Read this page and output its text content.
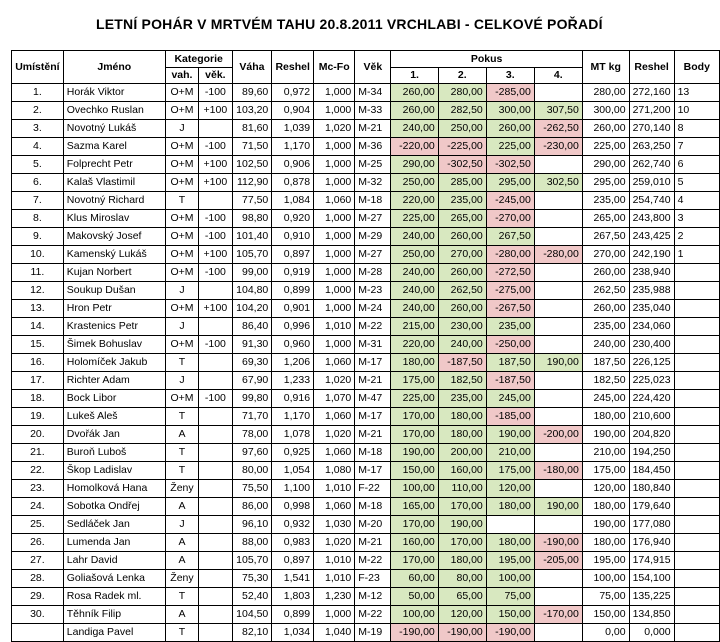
LETNÍ POHÁR V MRTVÉM TAHU 20.8.2011 VRCHLABI - CELKOVÉ POŘADÍ
Umístění	Jméno	Kategorie		Váha	Reshel	Mc-Fo	Věk	Pokus				MT kg	Reshel	Body
		vah.	věk.					1.	2.	3.	4.			
1.	Horák Viktor	O+M	-100	89,60	0,972	1,000	M-34	260,00	280,00	-285,00		280,00	272,160	13
2.	Ovechko Ruslan	O+M	+100	103,20	0,904	1,000	M-33	260,00	282,50	300,00	307,50	300,00	271,200	10
3.	Novotný Lukáš	J		81,60	1,039	1,020	M-21	240,00	250,00	260,00	-262,50	260,00	270,140	8
4.	Sazma Karel	O+M	-100	71,50	1,170	1,000	M-36	-220,00	-225,00	225,00	-230,00	225,00	263,250	7
5.	Folprecht Petr	O+M	+100	102,50	0,906	1,000	M-25	290,00	-302,50	-302,50		290,00	262,740	6
6.	Kalaš Vlastimil	O+M	+100	112,90	0,878	1,000	M-32	250,00	285,00	295,00	302,50	295,00	259,010	5
7.	Novotný Richard	T		77,50	1,084	1,060	M-18	220,00	235,00	-245,00		235,00	254,740	4
8.	Klus Miroslav	O+M	-100	98,80	0,920	1,000	M-27	225,00	265,00	-270,00		265,00	243,800	3
9.	Makovský Josef	O+M	-100	101,40	0,910	1,000	M-29	240,00	260,00	267,50		267,50	243,425	2
10.	Kamenský Lukáš	O+M	+100	105,70	0,897	1,000	M-27	250,00	270,00	-280,00	-280,00	270,00	242,190	1
11.	Kujan Norbert	O+M	-100	99,00	0,919	1,000	M-28	240,00	260,00	-272,50		260,00	238,940	
12.	Soukup Dušan	J		104,80	0,899	1,000	M-23	240,00	262,50	-275,00		262,50	235,988	
13.	Hron Petr	O+M	+100	104,20	0,901	1,000	M-24	240,00	260,00	-267,50		260,00	235,040	
14.	Krastenics Petr	J		86,40	0,996	1,010	M-22	215,00	230,00	235,00		235,00	234,060	
15.	Šimek Bohuslav	O+M	-100	91,30	0,960	1,000	M-31	220,00	240,00	-250,00		240,00	230,400	
16.	Holomíček Jakub	T		69,30	1,206	1,060	M-17	180,00	-187,50	187,50	190,00	187,50	226,125	
17.	Richter Adam	J		67,90	1,233	1,020	M-21	175,00	182,50	-187,50		182,50	225,023	
18.	Bock Libor	O+M	-100	99,80	0,916	1,070	M-47	225,00	235,00	245,00		245,00	224,420	
19.	Lukeš Aleš	T		71,70	1,170	1,060	M-17	170,00	180,00	-185,00		180,00	210,600	
20.	Dvořák Jan	A		78,00	1,078	1,020	M-21	170,00	180,00	190,00	-200,00	190,00	204,820	
21.	Buroň Luboš	T		97,60	0,925	1,060	M-18	190,00	200,00	210,00		210,00	194,250	
22.	Škop Ladislav	T		80,00	1,054	1,080	M-17	150,00	160,00	175,00	-180,00	175,00	184,450	
23.	Homolková Hana	Ženy		75,50	1,100	1,010	F-22	100,00	110,00	120,00		120,00	180,840	
24.	Sobotka Ondřej	A		86,00	0,998	1,060	M-18	165,00	170,00	180,00	190,00	180,00	179,640	
25.	Sedláček Jan	J		96,10	0,932	1,030	M-20	170,00	190,00			190,00	177,080	
26.	Lumenda Jan	A		88,00	0,983	1,020	M-21	160,00	170,00	180,00	-190,00	180,00	176,940	
27.	Lahr David	A		105,70	0,897	1,010	M-22	170,00	180,00	195,00	-205,00	195,00	174,915	
28.	Goliašová Lenka	Ženy		75,30	1,541	1,010	F-23	60,00	80,00	100,00		100,00	154,100	
29.	Rosa Radek ml.	T		52,40	1,803	1,230	M-12	50,00	65,00	75,00		75,00	135,225	
30.	Těhník Filip	A		104,50	0,899	1,000	M-22	100,00	120,00	150,00	-170,00	150,00	134,850	
	Landiga Pavel	T		82,10	1,034	1,040	M-19	-190,00	-190,00	-190,00		0,00	0,000	
